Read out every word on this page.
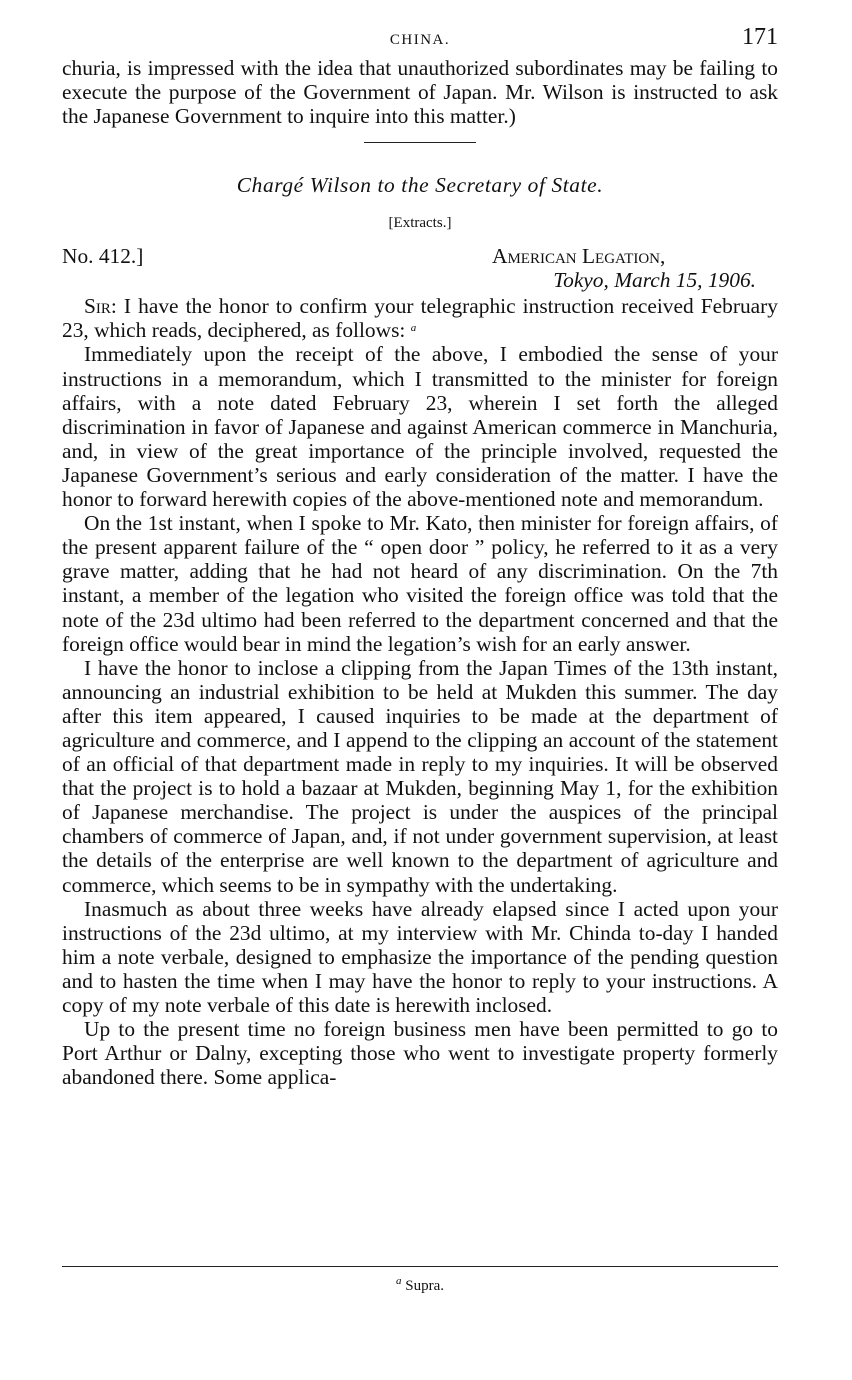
CHINA.	171

churia, is impressed with the idea that unauthorized subordinates may be failing to execute the purpose of the Government of Japan. Mr. Wilson is instructed to ask the Japanese Government to inquire into this matter.)

Chargé Wilson to the Secretary of State.
[Extracts.]
No. 412.]	American Legation,
Tokyo, March 15, 1906.

Sir: I have the honor to confirm your telegraphic instruction received February 23, which reads, deciphered, as follows: $^a$

Immediately upon the receipt of the above, I embodied the sense of your instructions in a memorandum, which I transmitted to the minister for foreign affairs, with a note dated February 23, wherein I set forth the alleged discrimination in favor of Japanese and against American commerce in Manchuria, and, in view of the great importance of the principle involved, requested the Japanese Government’s serious and early consideration of the matter. I have the honor to forward herewith copies of the above-mentioned note and memorandum.

On the 1st instant, when I spoke to Mr. Kato, then minister for foreign affairs, of the present apparent failure of the “ open door ” policy, he referred to it as a very grave matter, adding that he had not heard of any discrimination. On the 7th instant, a member of the legation who visited the foreign office was told that the note of the 23d ultimo had been referred to the department concerned and that the foreign office would bear in mind the legation’s wish for an early answer.

I have the honor to inclose a clipping from the Japan Times of the 13th instant, announcing an industrial exhibition to be held at Mukden this summer. The day after this item appeared, I caused inquiries to be made at the department of agriculture and commerce, and I append to the clipping an account of the statement of an official of that department made in reply to my inquiries. It will be observed that the project is to hold a bazaar at Mukden, beginning May 1, for the exhibition of Japanese merchandise. The project is under the auspices of the principal chambers of commerce of Japan, and, if not under government supervision, at least the details of the enterprise are well known to the department of agriculture and commerce, which seems to be in sympathy with the undertaking.

Inasmuch as about three weeks have already elapsed since I acted upon your instructions of the 23d ultimo, at my interview with Mr. Chinda to-day I handed him a note verbale, designed to emphasize the importance of the pending question and to hasten the time when I may have the honor to reply to your instructions. A copy of my note verbale of this date is herewith inclosed.

Up to the present time no foreign business men have been permitted to go to Port Arthur or Dalny, excepting those who went to investigate property formerly abandoned there. Some applica-

$^a$ Supra.
